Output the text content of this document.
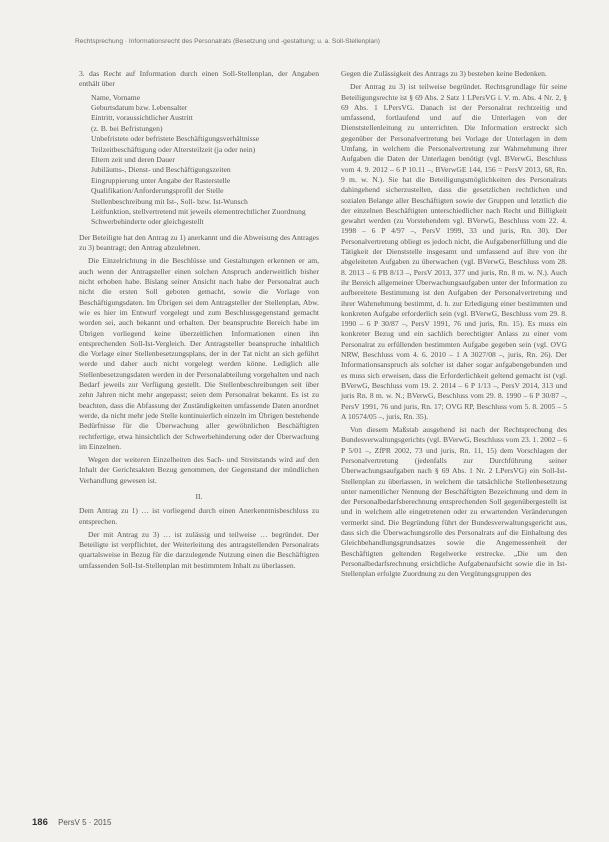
Rechtsprechung · Informationsrecht des Personalrats (Besetzung und -gestaltung; u. a. Soll-Stellenplan)

3. das Recht auf Information durch einen Soll-Stellenplan, der Angaben enthält über

Name, Vorname
Geburtsdatum bzw. Lebensalter
Eintritt, voraussichtlicher Austritt
(z. B. bei Befristungen)
Unbefristete oder befristete Beschäftigungsverhältnisse
Teilzeitbeschäftigung oder Altersteilzeit (ja oder nein)
Eltern zeit und deren Dauer
Jubiläums-, Dienst- und Beschäftigungszeiten
Eingruppierung unter Angabe der Rasterstelle
Qualifikation/Anforderungsprofil der Stelle
Stellenbeschreibung mit Ist-, Soll- bzw. Ist-Wunsch
Leitfunktion, stellvertretend mit jeweils elementrechtlicher Zuordnung
Schwerbehinderte oder gleichgestellt

Der Beteiligte hat den Antrag zu 1) anerkannt und die Abweisung des Antrages zu 3) beantragt; den Antrag abzulehnen.

Die Einzelrichtung in die Beschlüsse und Gestaltungen erkennen er am, auch wenn der Antragsteller einen solchen Anspruch anderweitlich bisher nicht erhoben habe. Bislang seiner Ansicht nach habe der Personalrat auch nicht die ersten Soll geboten gemacht, sowie die Vorlage von Beschäftigungsdaten. Im Übrigen sei dem Antragsteller der Stellenplan, Abw. wie es hier im Entwurf vorgelegt und zum Beschlussgegenstand gemacht worden sei, auch bekannt und erhalten. Der beanspruchte Bereich habe im Übrigen vorliegend keine überzeitlichen Informationen einen ihn entsprechenden Soll-Ist-Vergleich. Der Antragsteller beanspruche inhaltlich die Vorlage einer Stellenbesetzungsplans, der in der Tat nicht an sich geführt werde und daher auch nicht vorgelegt werden könne. Lediglich alle Stellenbesetzungsdaten werden in der Personalabteilung vorgehalten und nach Bedarf jeweils zur Verfügung gestellt. Die Stellenbeschreibungen seit über zehn Jahren nicht mehr angepasst; seien dem Personalrat bekannt. Es ist zu beachten, dass die Abfassung der Zuständigkeiten umfassende Daten anordnet werde, da nicht mehr jede Stelle kontinuierlich einzeln im Übrigen bestehende Bedürfnisse für die Überwachung aller gewöhnlichen Beschäftigten rechtfertige, etwa hinsichtlich der Schwerbehinderung oder der Überwachung im Einzelnen.

Wegen der weiteren Einzelheiten des Sach- und Streitstands wird auf den Inhalt der Gerichtsakten Bezug genommen, der Gegenstand der mündlichen Verhandlung gewesen ist.

II.

Dem Antrag zu 1) … ist vorliegend durch einen Anerkenntnisbeschluss zu entsprechen.

Der mit Antrag zu 3) … ist zulässig und teilweise … begründet. Der Beteiligte ist verpflichtet, der Weiterleitung des antragstellenden Personalrats quartalsweise in Bezug für die darzulegende Nutzung einen die Beschäftigten umfassenden Soll-Ist-Stellenplan mit bestimmtem Inhalt zu überlassen.

Gegen die Zulässigkeit des Antrags zu 3) bestehen keine Bedenken.

Der Antrag zu 3) ist teilweise begründet. Rechtsgrundlage für seine Beteiligungsrechte ist § 69 Abs. 2 Satz 1 LPersVG i. V. m. Abs. 4 Nr. 2, § 69 Abs. 1 LPersVG. Danach ist der Personalrat rechtzeitig und umfassend, fortlaufend und auf die Unterlagen von der Dienststellenleitung zu unterrichten. Die Information erstreckt sich gegenüber der Personalvertretung bei Vorlage der Unterlagen in dem Umfang, in welchem die Personalvertretung zur Wahrnehmung ihrer Aufgaben die Daten der Unterlagen benötigt (vgl. BVerwG, Beschluss vom 4. 9. 2012 – 6 P 10.11 –, BVerwGE 144, 156 = PersV 2013, 68, Rn. 9 m. w. N.). Sie hat die Beteiligungsmöglichkeiten des Personalrats dahingehend sicherzustellen, dass die gesetzlichen rechtlichen und sozialen Belange aller Beschäftigten sowie der Gruppen und letztlich die der einzelnen Beschäftigten unterschiedlicher nach Recht und Billigkeit gewahrt werden (zu Vorstehendem vgl. BVerwG, Beschluss vom 22. 4. 1998 – 6 P 4/97 –, PersV 1999, 33 und juris, Rn. 30). Der Personalvertretung obliegt es jedoch nicht, die Aufgabenerfüllung und die Tätigkeit der Dienststelle insgesamt und umfassend auf ihre von ihr abgeleiteten Aufgaben zu überwachen (vgl. BVerwG, Beschluss vom 28. 8. 2013 – 6 PB 8/13 –, PersV 2013, 377 und juris, Rn. 8 m. w. N.). Auch ihr Bereich allgemeiner Überwachungsaufgaben unter der Information zu aufbereitete Bestimmung ist den Aufgaben der Personalvertretung und ihrer Wahrnehmung bestimmt, d. h. zur Erledigung einer bestimmten und konkreten Aufgabe erforderlich sein (vgl. BVerwG, Beschluss vom 29. 8. 1990 – 6 P 30/87 –, PersV 1991, 76 und juris, Rn. 15). Es muss ein konkreter Bezug und ein sachlich berechtigter Anlass zu einer vom Personalrat zu erfüllenden bestimmten Aufgabe gegeben sein (vgl. OVG NRW, Beschluss vom 4. 6. 2010 – 1 A 3027/08 –, juris, Rn. 26). Der Informationsanspruch als solcher ist daher sogar aufgabengebunden und es muss sich erweisen, dass die Erforderlichkeit geltend gemacht ist (vgl. BVerwG, Beschluss vom 19. 2. 2014 – 6 P 1/13 –, PersV 2014, 313 und juris Rn. 8 m. w. N.; BVerwG, Beschluss vom 29. 8. 1990 – 6 P 30/87 –, PersV 1991, 76 und juris, Rn. 17; OVG RP, Beschluss vom 5. 8. 2005 – 5 A 10574/05 –, juris, Rn. 35).

Von diesem Maßstab ausgehend ist nach der Rechtsprechung des Bundesverwaltungsgerichts (vgl. BVerwG, Beschluss vom 23. 1. 2002 – 6 P 5/01 –, ZfPR 2002, 73 und juris, Rn. 11, 15) dem Vorschlagen der Personalvertretung (jedenfalls zur Durchführung seiner Überwachungsaufgaben nach § 69 Abs. 1 Nr. 2 LPersVG) ein Soll-Ist-Stellenplan zu überlassen, in welchem die tatsächliche Stellenbesetzung unter namentlicher Nennung der Beschäftigten Bezeichnung und dem in der Personalbedarfsberechnung entsprechenden Soll gegenübergestellt ist und in welchem alle eingetretenen oder zu erwartenden Veränderungen vermerkt sind. Die Begründung führt der Bundesverwaltungsgericht aus, dass sich die Überwachungsrolle des Personalrats auf die Einhaltung des Gleichbehandlungsgrundsatzes sowie die Angemessenheit der Beschäftigten geltenden Regelwerke erstrecke. „Die um den Personalbedarfsrechnung ersichtliche Aufgabenaufsicht sowie die in Ist-Stellenplan erfolgte Zuordnung zu den Vergütungsgruppen des

186 PersV 5 · 2015
